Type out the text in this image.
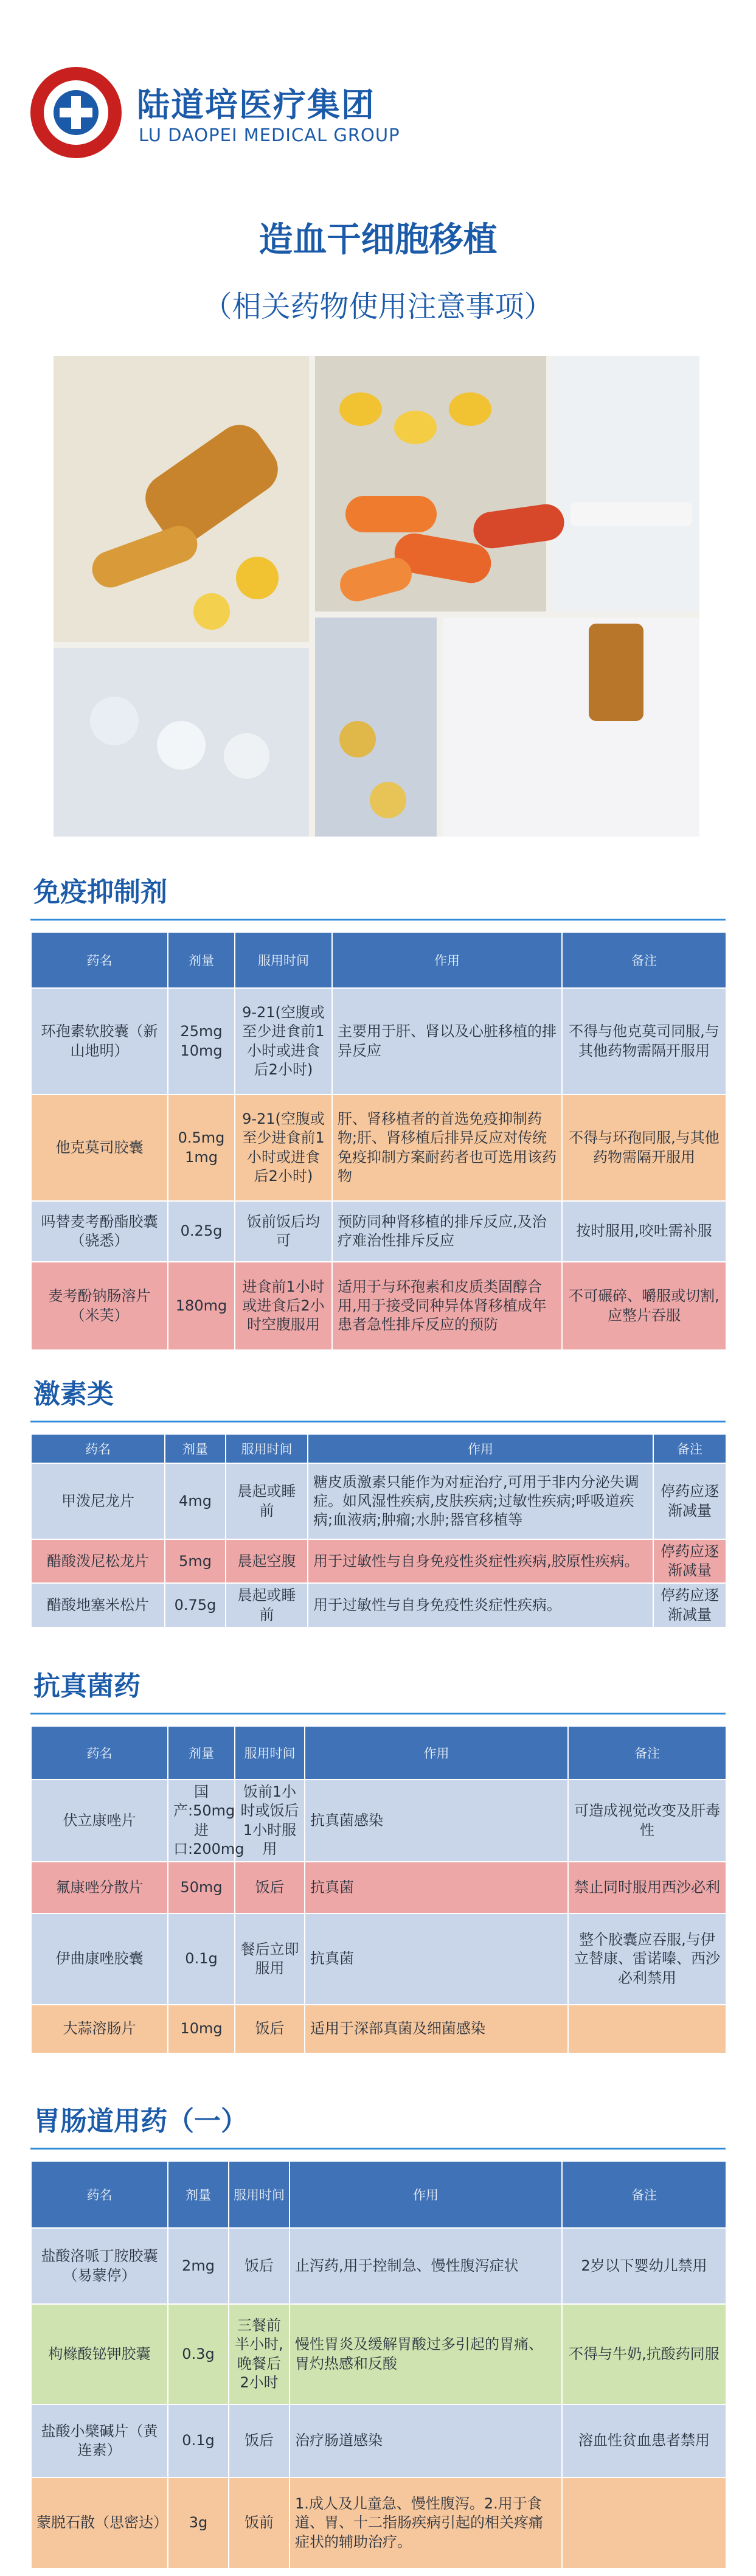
陆道培医疗集团
LU DAOPEI MEDICAL GROUP
造血干细胞移植
（相关药物使用注意事项）
免疫抑制剂
药名	剂量	服用时间	作用	备注
环孢素软胶囊（新山地明）	25mg 10mg	9-21(空腹或至少进食前1小时或进食后2小时)	主要用于肝、肾以及心脏移植的排异反应	不得与他克莫司同服,与其他药物需隔开服用
他克莫司胶囊	0.5mg 1mg	9-21(空腹或至少进食前1小时或进食后2小时)	肝、肾移植者的首选免疫抑制药物;肝、肾移植后排异反应对传统免疫抑制方案耐药者也可选用该药物	不得与环孢同服,与其他药物需隔开服用
吗替麦考酚酯胶囊（骁悉）	0.25g	饭前饭后均可	预防同种肾移植的排斥反应,及治疗难治性排斥反应	按时服用,咬吐需补服
麦考酚钠肠溶片（米芙）	180mg	进食前1小时或进食后2小时空腹服用	适用于与环孢素和皮质类固醇合用,用于接受同种异体肾移植成年患者急性排斥反应的预防	不可碾碎、嚼服或切割,应整片吞服
激素类
药名	剂量	服用时间	作用	备注
甲泼尼龙片	4mg	晨起或睡前	糖皮质激素只能作为对症治疗,可用于非内分泌失调症。如风湿性疾病,皮肤疾病;过敏性疾病;呼吸道疾病;血液病;肿瘤;水肿;器官移植等	停药应逐渐减量
醋酸泼尼松龙片	5mg	晨起空腹	用于过敏性与自身免疫性炎症性疾病,胶原性疾病。	停药应逐渐减量
醋酸地塞米松片	0.75g	晨起或睡前	用于过敏性与自身免疫性炎症性疾病。	停药应逐渐减量
抗真菌药
药名	剂量	服用时间	作用	备注
伏立康唑片	国产:50mg 进口:200mg	饭前1小时或饭后1小时服用	抗真菌感染	可造成视觉改变及肝毒性
氟康唑分散片	50mg	饭后	抗真菌	禁止同时服用西沙必利
伊曲康唑胶囊	0.1g	餐后立即服用	抗真菌	整个胶囊应吞服,与伊立替康、雷诺嗪、西沙必利禁用
大蒜溶肠片	10mg	饭后	适用于深部真菌及细菌感染	
胃肠道用药（一）
药名	剂量	服用时间	作用	备注
盐酸洛哌丁胺胶囊（易蒙停）	2mg	饭后	止泻药,用于控制急、慢性腹泻症状	2岁以下婴幼儿禁用
枸橼酸铋钾胶囊	0.3g	三餐前半小时,晚餐后2小时	慢性胃炎及缓解胃酸过多引起的胃痛、胃灼热感和反酸	不得与牛奶,抗酸药同服
盐酸小檗碱片（黄连素）	0.1g	饭后	治疗肠道感染	溶血性贫血患者禁用
蒙脱石散（思密达）	3g	饭前	1.成人及儿童急、慢性腹泻。2.用于食道、胃、十二指肠疾病引起的相关疼痛症状的辅助治疗。	
